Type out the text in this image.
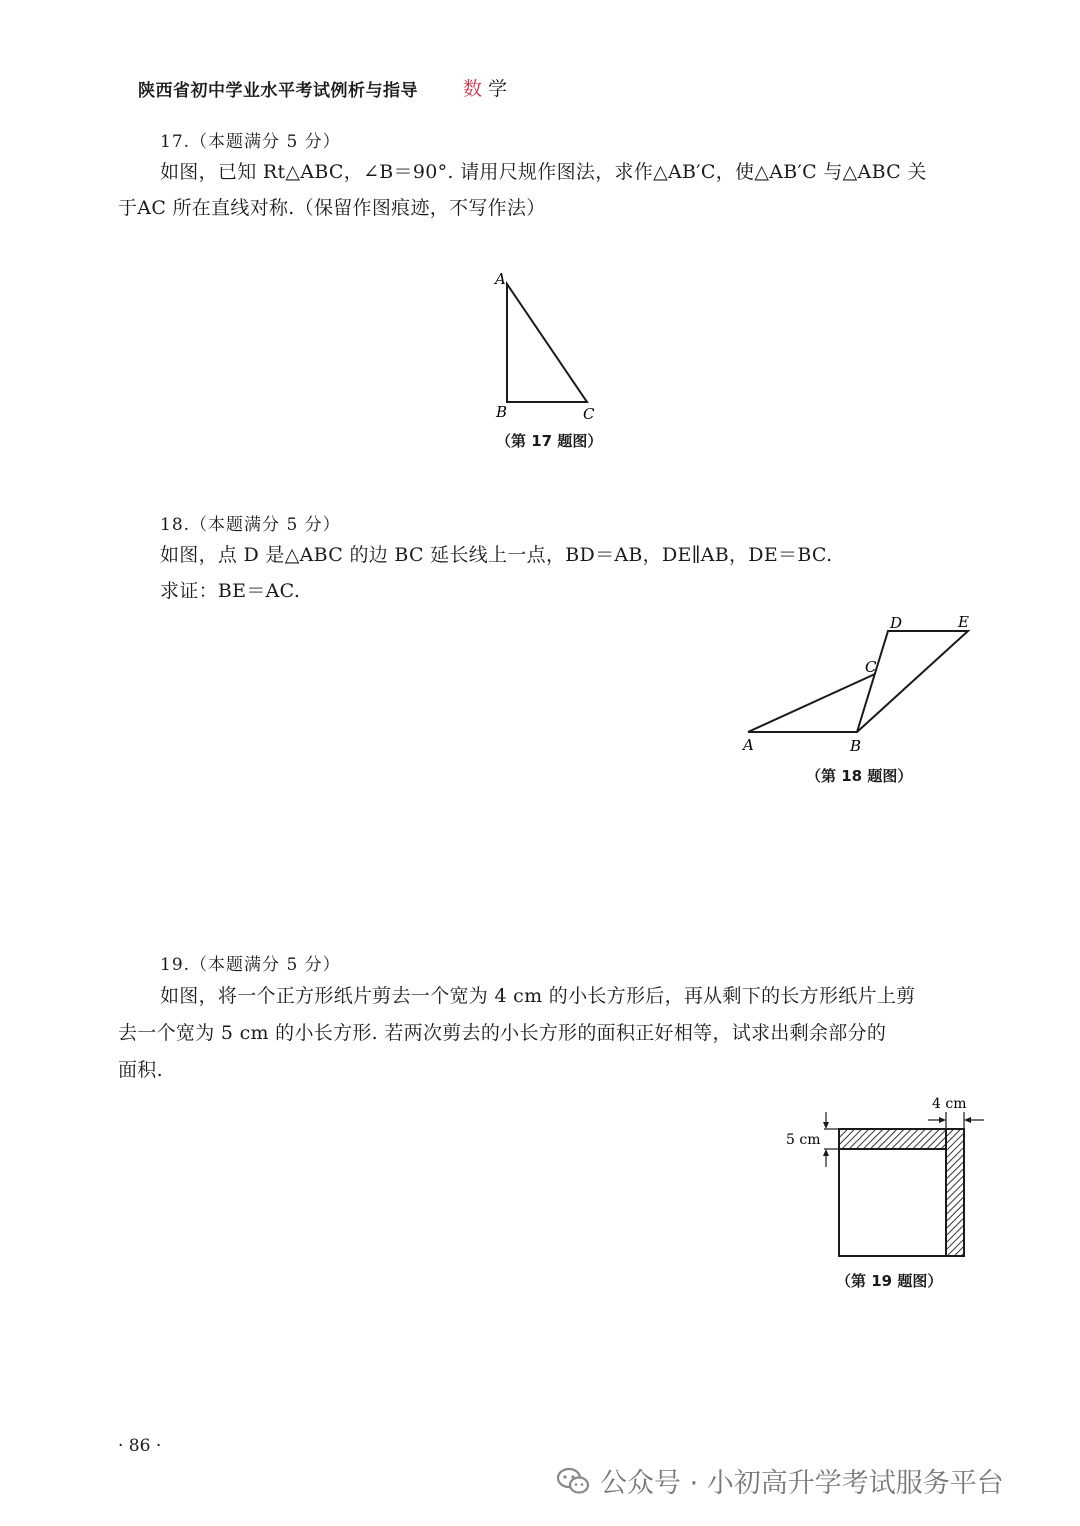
陕西省初中学业水平考试例析与指导 数学
17.（本题满分 5 分）
如图，已知 Rt△ABC，∠B＝90°. 请用尺规作图法，求作△AB′C，使△AB′C 与△ABC 关
于AC 所在直线对称.（保留作图痕迹，不写作法）
A
B	C
（第 17 题图）
18.（本题满分 5 分）
如图，点 D 是△ABC 的边 BC 延长线上一点，BD＝AB，DE∥AB，DE＝BC.
求证：BE＝AC.
A	B
C
D	E
（第 18 题图）
19.（本题满分 5 分）
如图，将一个正方形纸片剪去一个宽为 4 cm 的小长方形后，再从剩下的长方形纸片上剪
去一个宽为 5 cm 的小长方形. 若两次剪去的小长方形的面积正好相等，试求出剩余部分的
面积.
4 cm
5 cm
（第 19 题图）
· 86 ·
公众号 · 小初高升学考试服务平台
